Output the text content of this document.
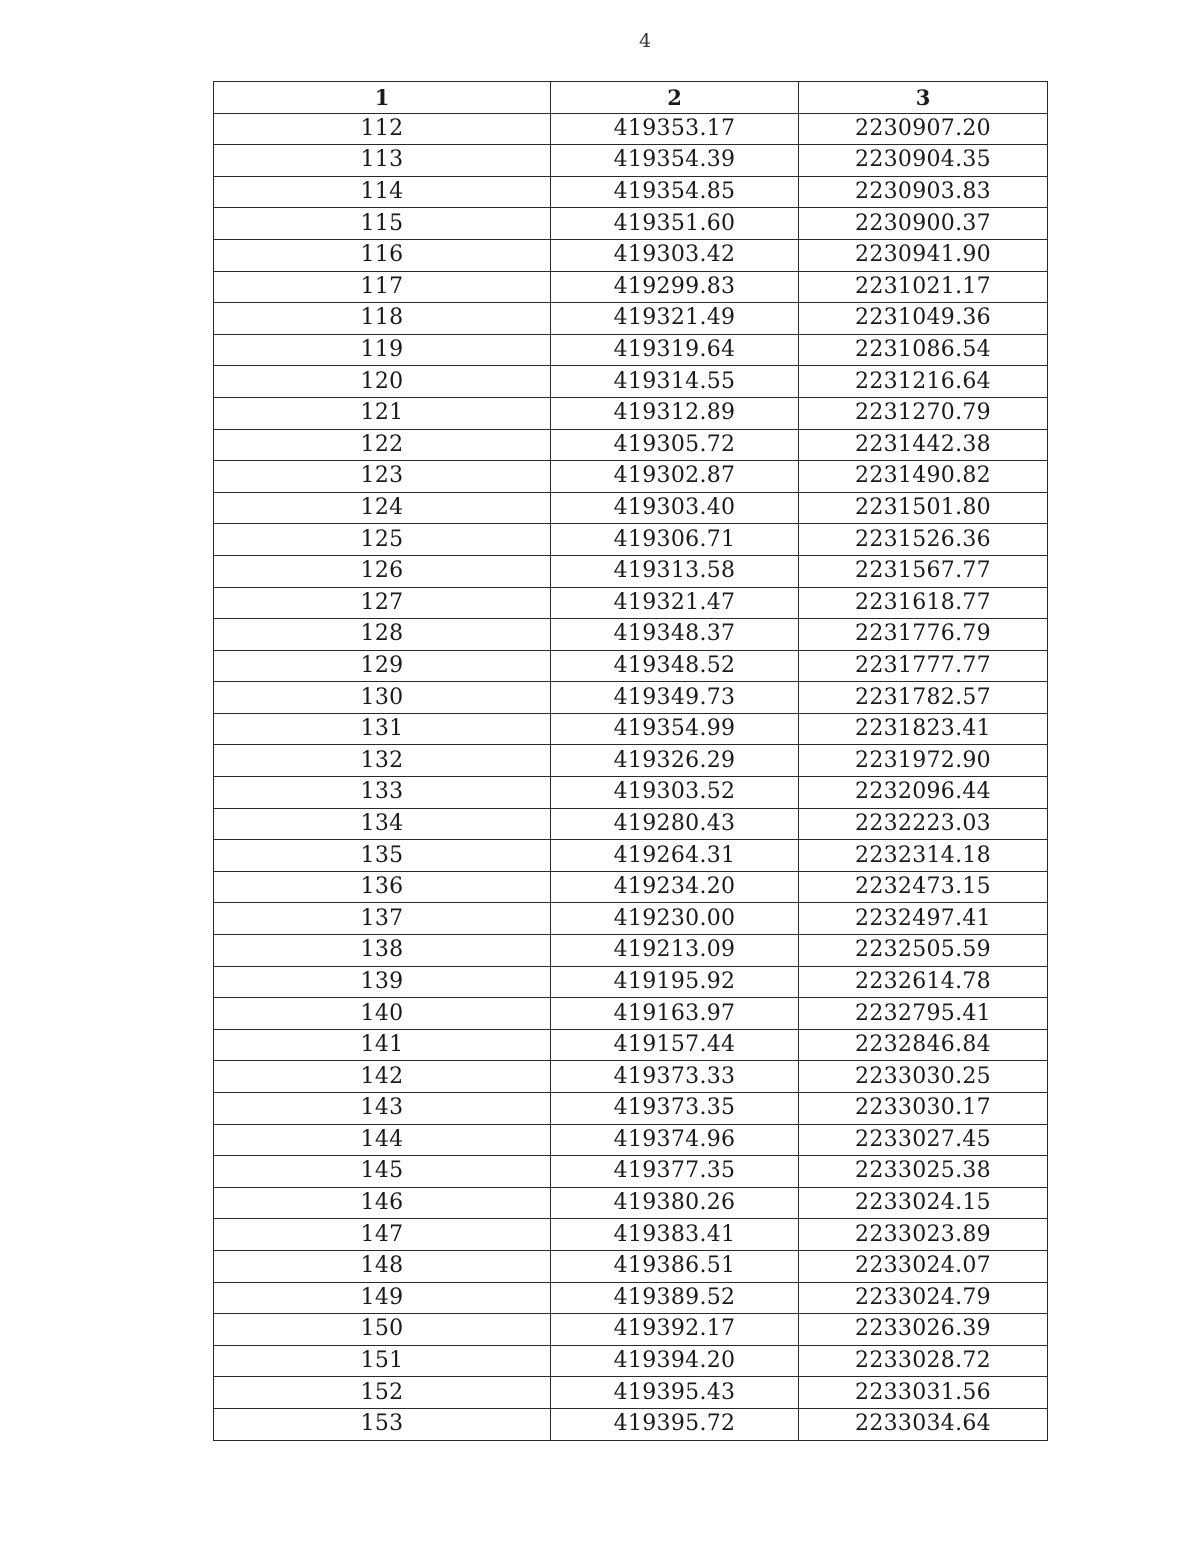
4
1	2	3
112	419353.17	2230907.20
113	419354.39	2230904.35
114	419354.85	2230903.83
115	419351.60	2230900.37
116	419303.42	2230941.90
117	419299.83	2231021.17
118	419321.49	2231049.36
119	419319.64	2231086.54
120	419314.55	2231216.64
121	419312.89	2231270.79
122	419305.72	2231442.38
123	419302.87	2231490.82
124	419303.40	2231501.80
125	419306.71	2231526.36
126	419313.58	2231567.77
127	419321.47	2231618.77
128	419348.37	2231776.79
129	419348.52	2231777.77
130	419349.73	2231782.57
131	419354.99	2231823.41
132	419326.29	2231972.90
133	419303.52	2232096.44
134	419280.43	2232223.03
135	419264.31	2232314.18
136	419234.20	2232473.15
137	419230.00	2232497.41
138	419213.09	2232505.59
139	419195.92	2232614.78
140	419163.97	2232795.41
141	419157.44	2232846.84
142	419373.33	2233030.25
143	419373.35	2233030.17
144	419374.96	2233027.45
145	419377.35	2233025.38
146	419380.26	2233024.15
147	419383.41	2233023.89
148	419386.51	2233024.07
149	419389.52	2233024.79
150	419392.17	2233026.39
151	419394.20	2233028.72
152	419395.43	2233031.56
153	419395.72	2233034.64
